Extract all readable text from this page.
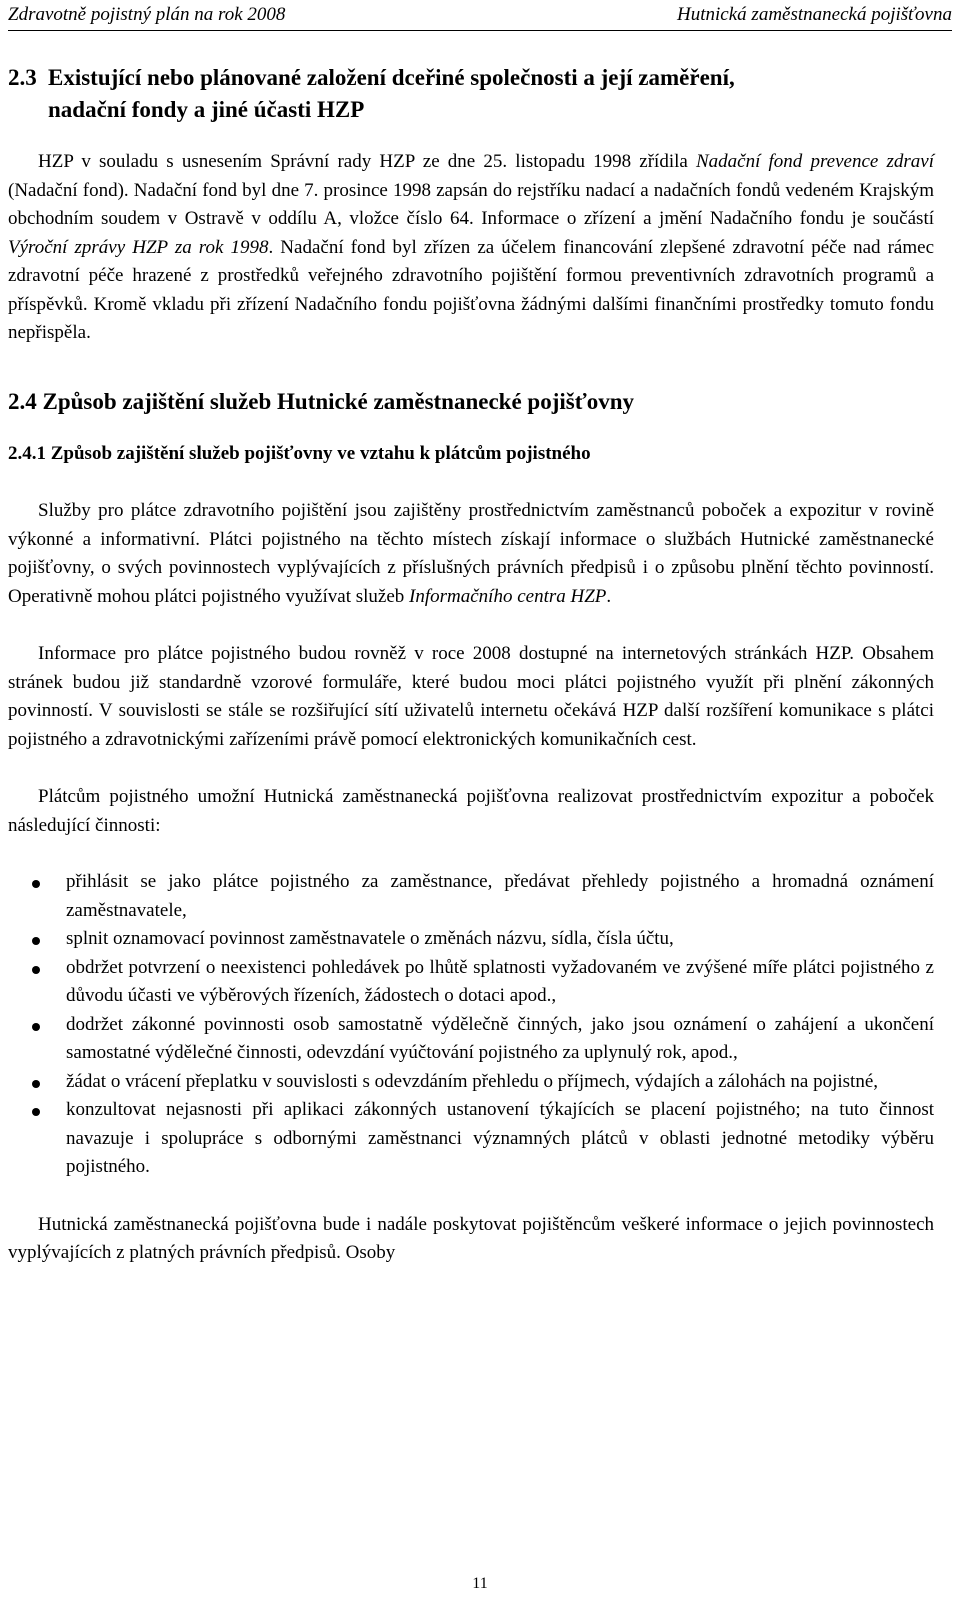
Zdravotně pojistný plán na rok 2008	Hutnická zaměstnanecká pojišťovna
2.3 Existující nebo plánované založení dceřiné společnosti a její zaměření,
nadační fondy a jiné účasti HZP

HZP v souladu s usnesením Správní rady HZP ze dne 25. listopadu 1998 zřídila Nadační fond prevence zdraví (Nadační fond). Nadační fond byl dne 7. prosince 1998 zapsán do rejstříku nadací a nadačních fondů vedeném Krajským obchodním soudem v Ostravě v oddílu A, vložce číslo 64. Informace o zřízení a jmění Nadačního fondu je součástí Výroční zprávy HZP za rok 1998. Nadační fond byl zřízen za účelem financování zlepšené zdravotní péče nad rámec zdravotní péče hrazené z prostředků veřejného zdravotního pojištění formou preventivních zdravotních programů a příspěvků. Kromě vkladu při zřízení Nadačního fondu pojišťovna žádnými dalšími finančními prostředky tomuto fondu nepřispěla.

2.4 Způsob zajištění služeb Hutnické zaměstnanecké pojišťovny
2.4.1 Způsob zajištění služeb pojišťovny ve vztahu k plátcům pojistného

Služby pro plátce zdravotního pojištění jsou zajištěny prostřednictvím zaměstnanců poboček a expozitur v rovině výkonné a informativní. Plátci pojistného na těchto místech získají informace o službách Hutnické zaměstnanecké pojišťovny, o svých povinnostech vyplývajících z příslušných právních předpisů i o způsobu plnění těchto povinností. Operativně mohou plátci pojistného využívat služeb Informačního centra HZP.

Informace pro plátce pojistného budou rovněž v roce 2008 dostupné na internetových stránkách HZP. Obsahem stránek budou již standardně vzorové formuláře, které budou moci plátci pojistného využít při plnění zákonných povinností. V souvislosti se stále se rozšiřující sítí uživatelů internetu očekává HZP další rozšíření komunikace s plátci pojistného a zdravotnickými zařízeními právě pomocí elektronických komunikačních cest.

Plátcům pojistného umožní Hutnická zaměstnanecká pojišťovna realizovat prostřednictvím expozitur a poboček následující činnosti:

přihlásit se jako plátce pojistného za zaměstnance, předávat přehledy pojistného a hromadná oznámení zaměstnavatele,
splnit oznamovací povinnost zaměstnavatele o změnách názvu, sídla, čísla účtu,
obdržet potvrzení o neexistenci pohledávek po lhůtě splatnosti vyžadovaném ve zvýšené míře plátci pojistného z důvodu účasti ve výběrových řízeních, žádostech o dotaci apod.,
dodržet zákonné povinnosti osob samostatně výdělečně činných, jako jsou oznámení o zahájení a ukončení samostatné výdělečné činnosti, odevzdání vyúčtování pojistného za uplynulý rok, apod.,
žádat o vrácení přeplatku v souvislosti s odevzdáním přehledu o příjmech, výdajích a zálohách na pojistné,
konzultovat nejasnosti při aplikaci zákonných ustanovení týkajících se placení pojistného; na tuto činnost navazuje i spolupráce s odbornými zaměstnanci významných plátců v oblasti jednotné metodiky výběru pojistného.

Hutnická zaměstnanecká pojišťovna bude i nadále poskytovat pojištěncům veškeré informace o jejich povinnostech vyplývajících z platných právních předpisů. Osoby

11
